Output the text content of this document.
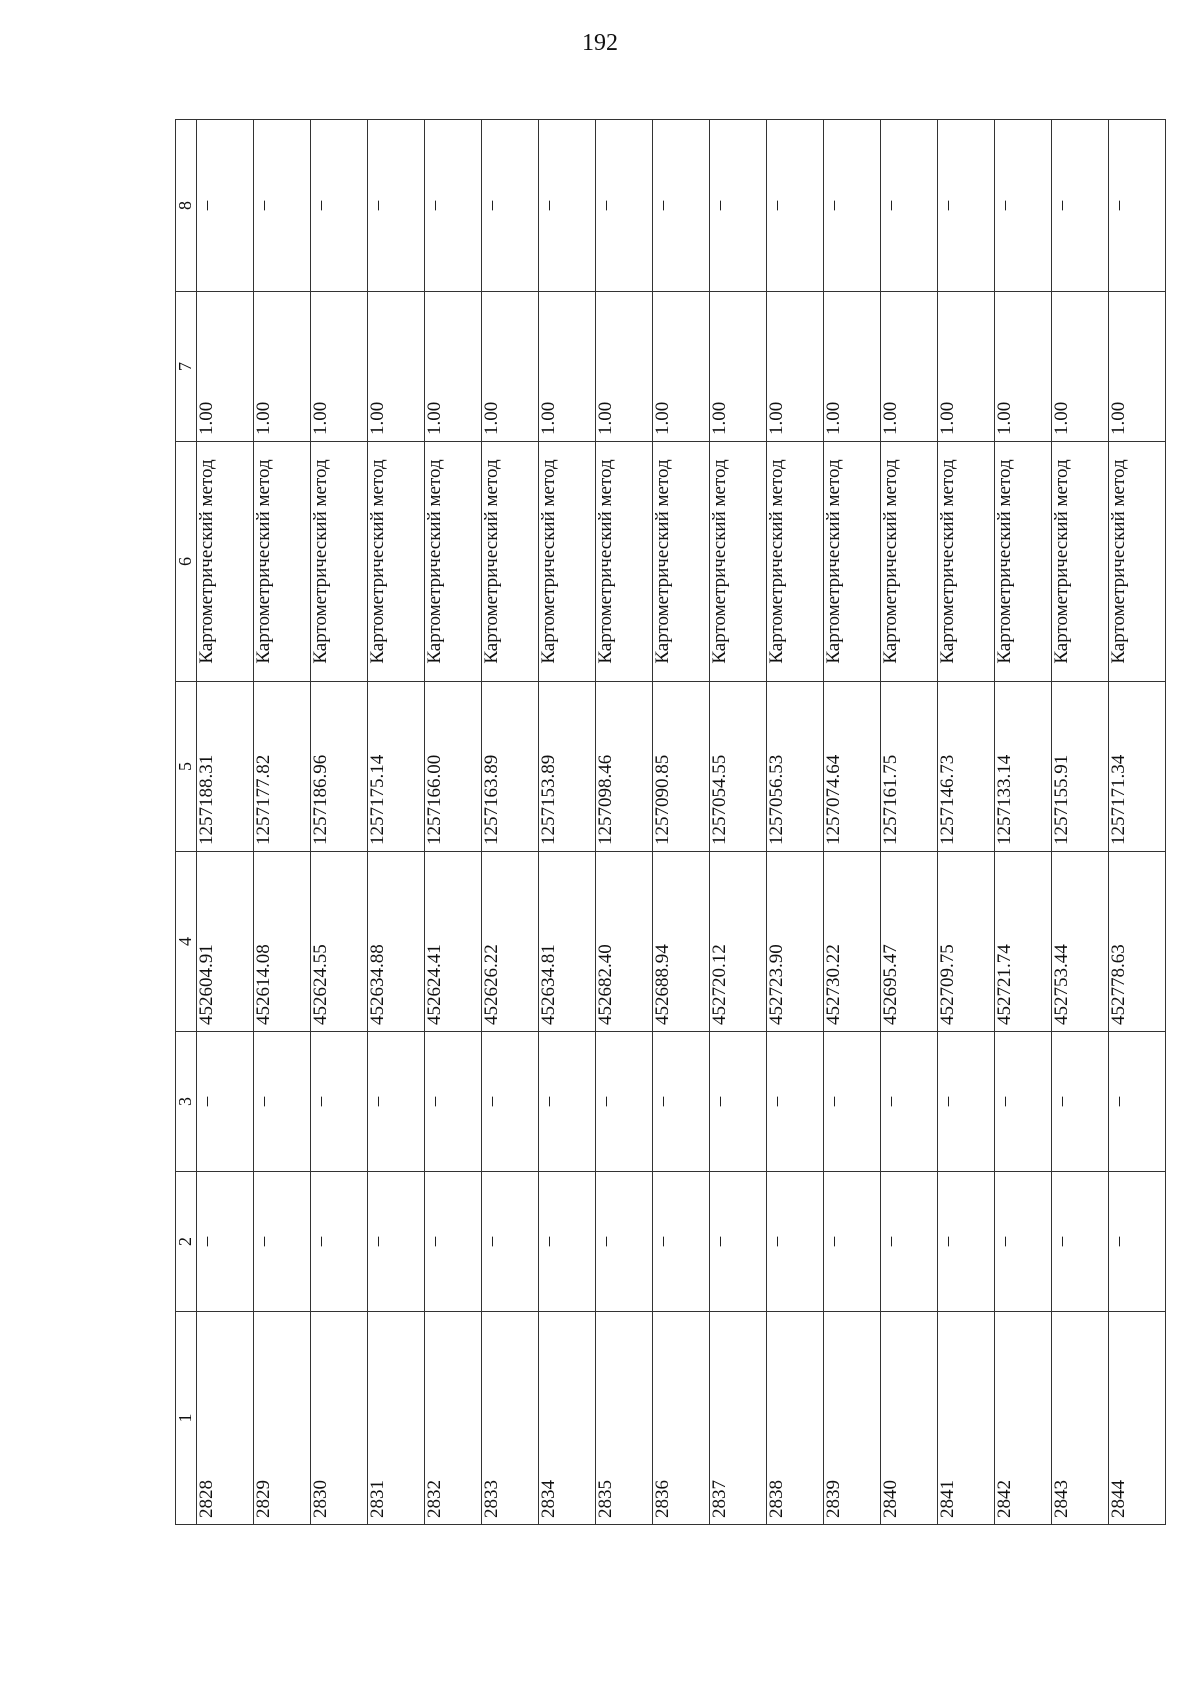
192
1	2	3	4	5	6	7	8
2828	–	–	452604.91	1257188.31	Картометрический метод	1.00	–
2829	–	–	452614.08	1257177.82	Картометрический метод	1.00	–
2830	–	–	452624.55	1257186.96	Картометрический метод	1.00	–
2831	–	–	452634.88	1257175.14	Картометрический метод	1.00	–
2832	–	–	452624.41	1257166.00	Картометрический метод	1.00	–
2833	–	–	452626.22	1257163.89	Картометрический метод	1.00	–
2834	–	–	452634.81	1257153.89	Картометрический метод	1.00	–
2835	–	–	452682.40	1257098.46	Картометрический метод	1.00	–
2836	–	–	452688.94	1257090.85	Картометрический метод	1.00	–
2837	–	–	452720.12	1257054.55	Картометрический метод	1.00	–
2838	–	–	452723.90	1257056.53	Картометрический метод	1.00	–
2839	–	–	452730.22	1257074.64	Картометрический метод	1.00	–
2840	–	–	452695.47	1257161.75	Картометрический метод	1.00	–
2841	–	–	452709.75	1257146.73	Картометрический метод	1.00	–
2842	–	–	452721.74	1257133.14	Картометрический метод	1.00	–
2843	–	–	452753.44	1257155.91	Картометрический метод	1.00	–
2844	–	–	452778.63	1257171.34	Картометрический метод	1.00	–
